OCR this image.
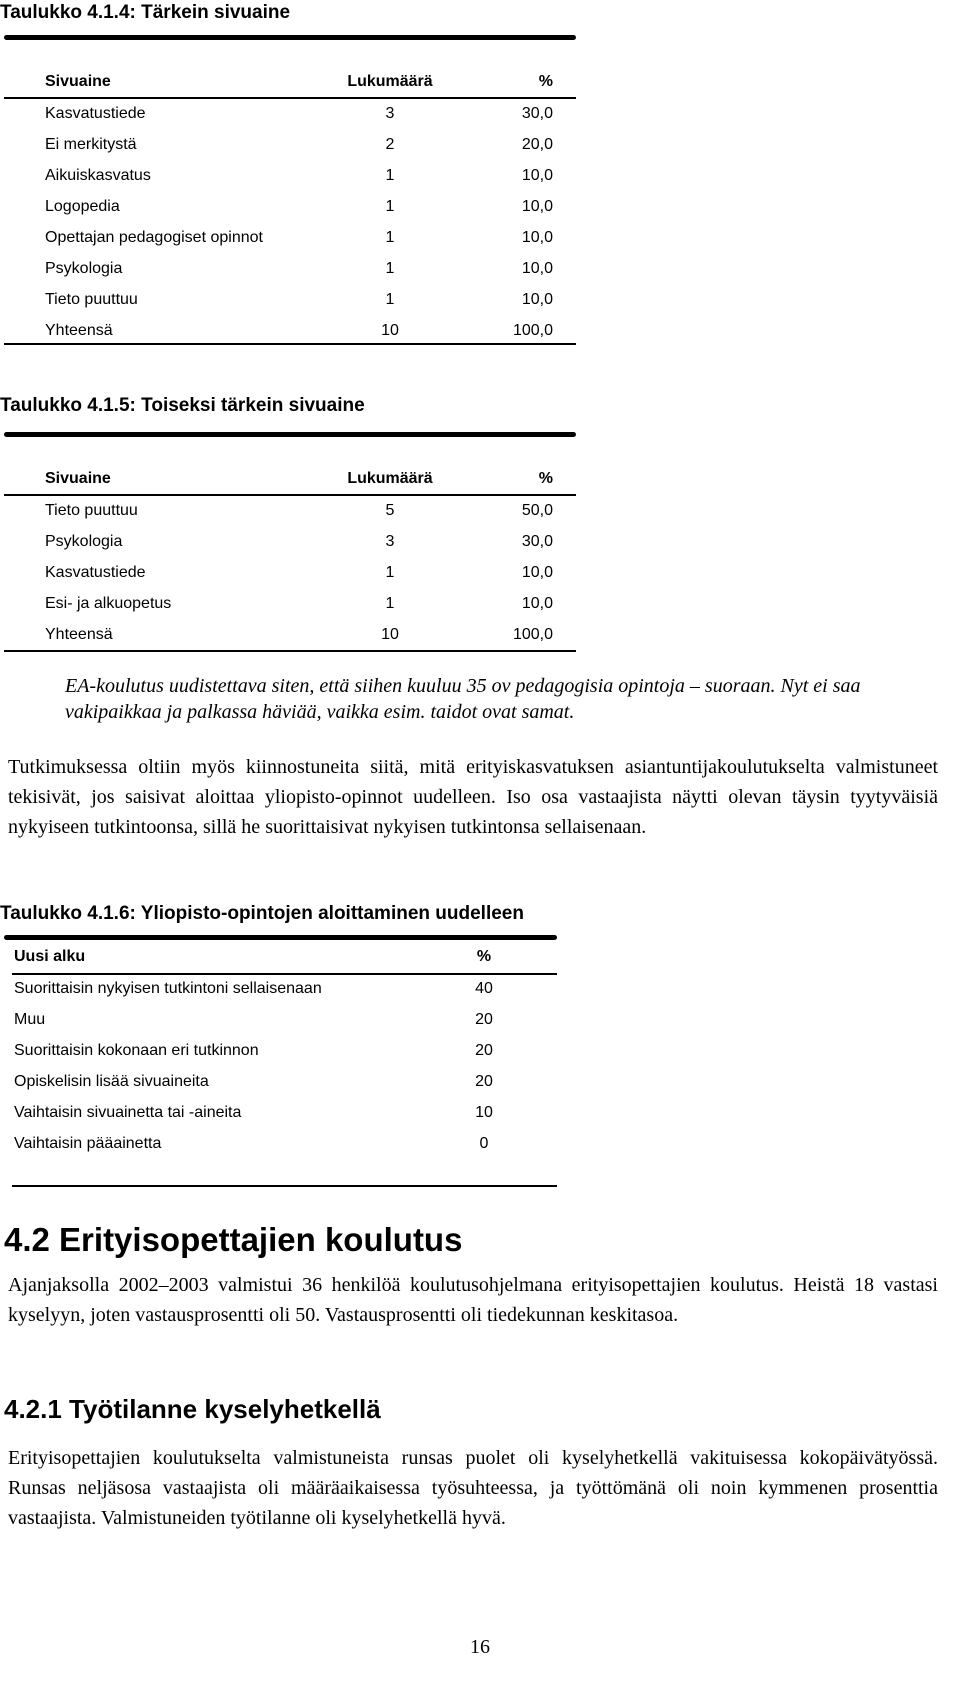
Taulukko 4.1.4: Tärkein sivuaine
Sivuaine	Lukumäärä	%
Kasvatustiede	3	30,0
Ei merkitystä	2	20,0
Aikuiskasvatus	1	10,0
Logopedia	1	10,0
Opettajan pedagogiset opinnot	1	10,0
Psykologia	1	10,0
Tieto puuttuu	1	10,0
Yhteensä	10	100,0
Taulukko 4.1.5: Toiseksi tärkein sivuaine
Sivuaine	Lukumäärä	%
Tieto puuttuu	5	50,0
Psykologia	3	30,0
Kasvatustiede	1	10,0
Esi- ja alkuopetus	1	10,0
Yhteensä	10	100,0
EA-koulutus uudistettava siten, että siihen kuuluu 35 ov pedagogisia opintoja – suoraan. Nyt ei saa vakipaikkaa ja palkassa häviää, vaikka esim. taidot ovat samat.
Tutkimuksessa oltiin myös kiinnostuneita siitä, mitä erityiskasvatuksen asiantuntijakoulutukselta valmistuneet tekisivät, jos saisivat aloittaa yliopisto-opinnot uudelleen. Iso osa vastaajista näytti olevan täysin tyytyväisiä nykyiseen tutkintoonsa, sillä he suorittaisivat nykyisen tutkintonsa sellaisenaan.
Taulukko 4.1.6: Yliopisto-opintojen aloittaminen uudelleen
Uusi alku	%
Suorittaisin nykyisen tutkintoni sellaisenaan	40
Muu	20
Suorittaisin kokonaan eri tutkinnon	20
Opiskelisin lisää sivuaineita	20
Vaihtaisin sivuainetta tai -aineita	10
Vaihtaisin pääainetta	0
4.2 Erityisopettajien koulutus
Ajanjaksolla 2002–2003 valmistui 36 henkilöä koulutusohjelmana erityisopettajien koulutus. Heistä 18 vastasi kyselyyn, joten vastausprosentti oli 50. Vastausprosentti oli tiedekunnan keskitasoa.
4.2.1 Työtilanne kyselyhetkellä
Erityisopettajien koulutukselta valmistuneista runsas puolet oli kyselyhetkellä vakituisessa kokopäivätyössä. Runsas neljäsosa vastaajista oli määräaikaisessa työsuhteessa, ja työttömänä oli noin kymmenen prosenttia vastaajista. Valmistuneiden työtilanne oli kyselyhetkellä hyvä.
16
